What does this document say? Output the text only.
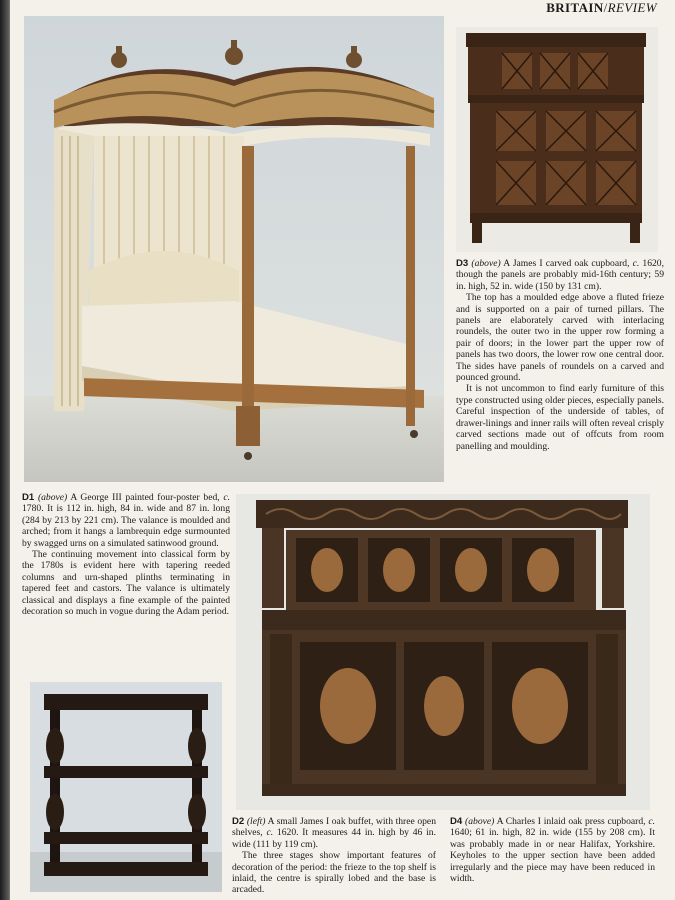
BRITAIN/REVIEW

D3 (above) A James I carved oak cupboard, c. 1620, though the panels are probably mid-16th century; 59 in. high, 52 in. wide (150 by 131 cm).

The top has a moulded edge above a fluted frieze and is supported on a pair of turned pillars. The panels are elaborately carved with interlacing roundels, the outer two in the upper row forming a pair of doors; in the lower part the upper row of panels has two doors, the lower row one central door. The sides have panels of roundels on a carved and pounced ground.

It is not uncommon to find early furniture of this type constructed using older pieces, especially panels. Careful inspection of the underside of tables, of drawer-linings and inner rails will often reveal crisply carved sections made out of offcuts from room panelling and moulding.

D1 (above) A George III painted four-poster bed, c. 1780. It is 112 in. high, 84 in. wide and 87 in. long (284 by 213 by 221 cm). The valance is moulded and arched; from it hangs a lambrequin edge surmounted by swagged urns on a simulated satinwood ground.

The continuing movement into classical form by the 1780s is evident here with tapering reeded columns and urn-shaped plinths terminating in tapered feet and castors. The valance is ultimately classical and displays a fine example of the painted decoration so much in vogue during the Adam period.

D2 (left) A small James I oak buffet, with three open shelves, c. 1620. It measures 44 in. high by 46 in. wide (111 by 119 cm).

The three stages show important features of decoration of the period: the frieze to the top shelf is inlaid, the centre is spirally lobed and the base is arcaded.

D4 (above) A Charles I inlaid oak press cupboard, c. 1640; 61 in. high, 82 in. wide (155 by 208 cm). It was probably made in or near Halifax, Yorkshire. Keyholes to the upper section have been added irregularly and the piece may have been reduced in width.
